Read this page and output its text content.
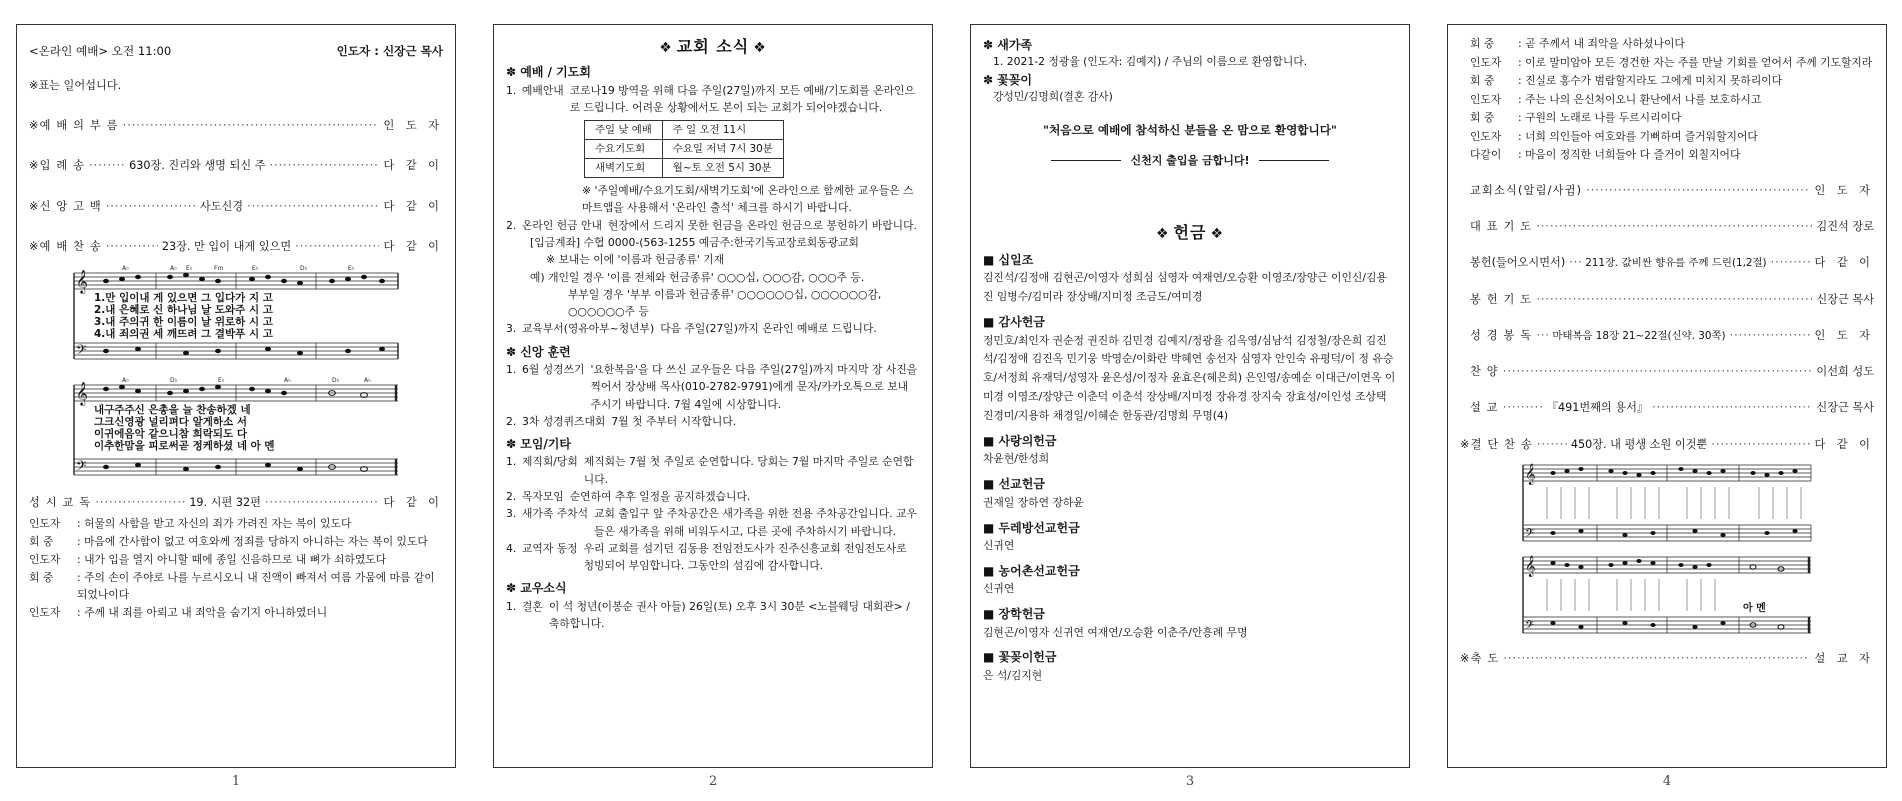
<온라인 예배> 오전 11:00	인도자 : 신장근 목사
※표는 일어섭니다.
※예 배 의 부 름 ·····	인 도 자
※입 례 송 ·····	630장. 진리와 생명 되신 주 ·····	다 같 이
※신 앙 고 백 ·····	사도신경 ·····	다 같 이
※예 배 찬 송 ·····	23장. 만 입이 내게 있으면 ·····	다 같 이
𝄞
𝄢
A♭	A♭ E♭	Fm	E♭	D♭	E♭
1.만 입이내 게 있으면 그 입다가 지 고
2.내 은혜로 신 하나님 날 도와주 시 고
3.내 주의귀 한 이름이 날 위로하 시 고
4.내 죄의권 세 깨뜨려 그 결박푸 시 고
𝄞
𝄢
A♭	D♭	E♭	A♭	D♭	A♭
내구주주신 은총을 늘 찬송하겠 네
그크신영광 널리펴다 알게하소 서
이귀에음악 같으니참 희락되도 다
이추한맘을 피로써곧 정케하셨 네 아 멘
성 시 교 독 ·····	19. 시편 32편 ·····	다 같 이
인도자	: 허물의 사함을 받고 자신의 죄가 가려진 자는 복이 있도다
회 중	: 마음에 간사함이 없고 여호와께 정죄를 당하지 아니하는 자는 복이 있도다
인도자	: 내가 입을 열지 아니할 때에 종일 신음하므로 내 뼈가 쇠하였도다
회 중	: 주의 손이 주야로 나를 누르시오니 내 진액이 빠져서 여름 가뭄에 마름 같이 되었나이다
인도자	: 주께 내 죄를 아뢰고 내 죄악을 숨기지 아니하였더니
❖ 교회 소식 ❖
✽ 예배 / 기도회
1. 예배안내 코로나19 방역을 위해 다음 주일(27일)까지 모든 예배/기도회를 온라인으로 드립니다. 어려운 상황에서도 본이 되는 교회가 되어야겠습니다.
주일 낮 예배	주 일 오전 11시
수요기도회	수요일 저녁 7시 30분
새벽기도회	월~토 오전 5시 30분
※ '주일예배/수요기도회/새벽기도회'에 온라인으로 함께한 교우들은 스마트앱을 사용해서 '온라인 출석' 체크를 하시기 바랍니다.
2. 온라인 헌금 안내 현장에서 드리지 못한 헌금을 온라인 헌금으로 봉헌하기 바랍니다.
[입금계좌] 수협 0000-(563-1255 예금주:한국기독교장로회동광교회
※ 보내는 이에 '이름과 헌금종류' 기재
예) 개인일 경우 '이름 전체와 헌금종류' ○○○십, ○○○감, ○○○주 등.
부부일 경우 '부부 이름과 헌금종류' ○○○○○○십, ○○○○○○감, ○○○○○○주 등
3. 교육부서(영유아부~청년부) 다음 주일(27일)까지 온라인 예배로 드립니다.
✽ 신앙 훈련
1. 6월 성경쓰기 '요한복음'을 다 쓰신 교우들은 다음 주일(27일)까지 마지막 장 사진을 찍어서 장상배 목사(010-2782-9791)에게 문자/카카오톡으로 보내 주시기 바랍니다. 7월 4일에 시상합니다.
2. 3차 성경퀴즈대회 7월 첫 주부터 시작합니다.
✽ 모임/기타
1. 제직회/당회 제직회는 7월 첫 주일로 순연합니다. 당회는 7월 마지막 주일로 순연합니다.
2. 목자모임 순연하여 추후 일정을 공지하겠습니다.
3. 새가족 주차석 교회 출입구 앞 주차공간은 새가족을 위한 전용 주차공간입니다. 교우들은 새가족을 위해 비워두시고, 다른 곳에 주차하시기 바랍니다.
4. 교역자 동정 우리 교회를 섬기던 김동용 전임전도사가 진주신흥교회 전임전도사로 청빙되어 부임합니다. 그동안의 섬김에 감사합니다.
✽ 교우소식
1. 결혼 이 석 청년(이봉순 권사 아들) 26일(토) 오후 3시 30분 <노블웨딩 대회관> / 축하합니다.
✽ 새가족
1. 2021-2 정광율 (인도자: 김예지) / 주님의 이름으로 환영합니다.
✽ 꽃꽂이
강성민/김명희(결혼 감사)
"처음으로 예배에 참석하신 분들을 온 맘으로 환영합니다"
신천지 출입을 금합니다!
❖ 헌금 ❖
■ 십일조
김진석/김정애 김현곤/이영자 성희심 심영자 여재연/오승환 이영조/장양근 이인신/김용진 임병수/김미라 장상배/지미정 조금도/여미경
■ 감사헌금
정민호/최인자 권순정 권진하 김민경 김예지/정광율 김옥영/심남석 김정철/장은희 김진석/김정애 김진옥 민기웅 박영순/이화란 박혜연 송선자 심영자 안인숙 유평덕/이 정 유승호/서정희 유재덕/성영자 윤은성/이정자 윤효은(혜은희) 은인영/송예순 이대근/이연옥 이미경 이영조/장양근 이춘덕 이춘석 장상배/지미정 장유경 장지숙 장효성/이인성 조상택 진경미/지용하 채경일/이혜순 한동관/김명희 무명(4)
■ 사랑의헌금
차윤현/한성희
■ 선교헌금
권재일 장하연 장하윤
■ 두레방선교헌금
신귀연
■ 농어촌선교헌금
신귀연
■ 장학헌금
김현곤/이영자 신귀연 여재연/오승환 이춘주/안흥례 무명
■ 꽃꽂이헌금
은 석/김지현
회 중	: 곧 주께서 내 죄악을 사하셨나이다
인도자	: 이로 말미암아 모든 경건한 자는 주를 만날 기회를 얻어서 주께 기도할지라
회 중	: 진실로 홍수가 범람할지라도 그에게 미치지 못하리이다
인도자	: 주는 나의 은신처이오니 환난에서 나를 보호하시고
회 중	: 구원의 노래로 나를 두르시리이다
인도자	: 너희 의인들아 여호와를 기뻐하며 즐거워할지어다
다같이	: 마음이 정직한 너희들아 다 즐거이 외칠지어다
교회소식(알림/사귐) ·····	인 도 자
대 표 기 도 ·····	김진석 장로
봉헌(들어오시면서) ····· 211장. 값비싼 향유를 주께 드린(1,2절) ·····	다 같 이
봉 헌 기 도 ·····	신장근 목사
성 경 봉 독 ····· 마태복음 18장 21~22절(신약. 30쪽) ·····	인 도 자
찬 양 ·····	이선희 성도
설 교 ·····	『491번째의 용서』 ·····	신장근 목사
※결 단 찬 송 ·····	450장. 내 평생 소원 이것뿐 ·····	다 같 이
𝄞
𝄢
𝄞
𝄢
아 멘
※축 도 ·····	설 교 자
1	2	3	4
